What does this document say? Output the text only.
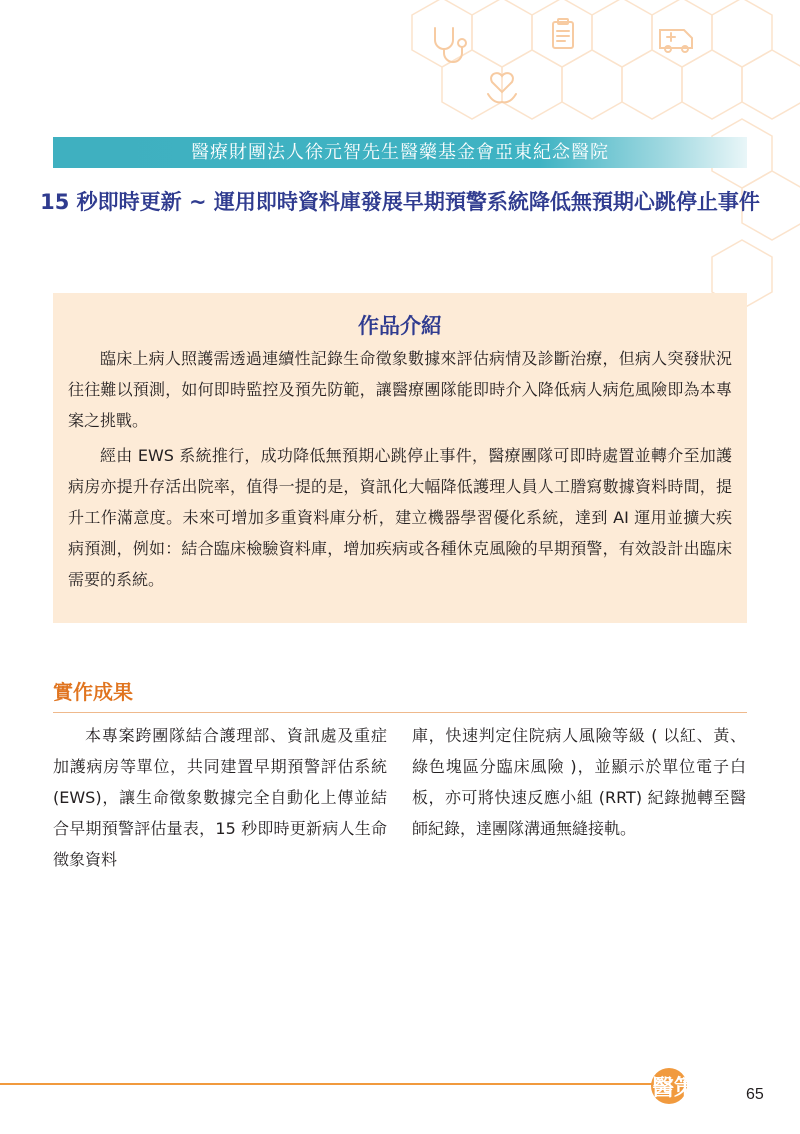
醫療財團法人徐元智先生醫藥基金會亞東紀念醫院
15 秒即時更新 ~ 運用即時資料庫發展早期預警系統降低無預期心跳停止事件
作品介紹

臨床上病人照護需透過連續性記錄生命徵象數據來評估病情及診斷治療，但病人突發狀況往往難以預測，如何即時監控及預先防範，讓醫療團隊能即時介入降低病人病危風險即為本專案之挑戰。

經由 EWS 系統推行，成功降低無預期心跳停止事件，醫療團隊可即時處置並轉介至加護病房亦提升存活出院率，值得一提的是，資訊化大幅降低護理人員人工謄寫數據資料時間，提升工作滿意度。未來可增加多重資料庫分析，建立機器學習優化系統，達到 AI 運用並擴大疾病預測，例如：結合臨床檢驗資料庫，增加疾病或各種休克風險的早期預警，有效設計出臨床需要的系統。

實作成果

本專案跨團隊結合護理部、資訊處及重症加護病房等單位，共同建置早期預警評估系統 (EWS)，讓生命徵象數據完全自動化上傳並結合早期預警評估量表，15 秒即時更新病人生命徵象資料

庫，快速判定住院病人風險等級 ( 以紅、黃、綠色塊區分臨床風險 )，並顯示於單位電子白板，亦可將快速反應小組 (RRT) 紀錄拋轉至醫師紀錄，達團隊溝通無縫接軌。

醫策會 65
